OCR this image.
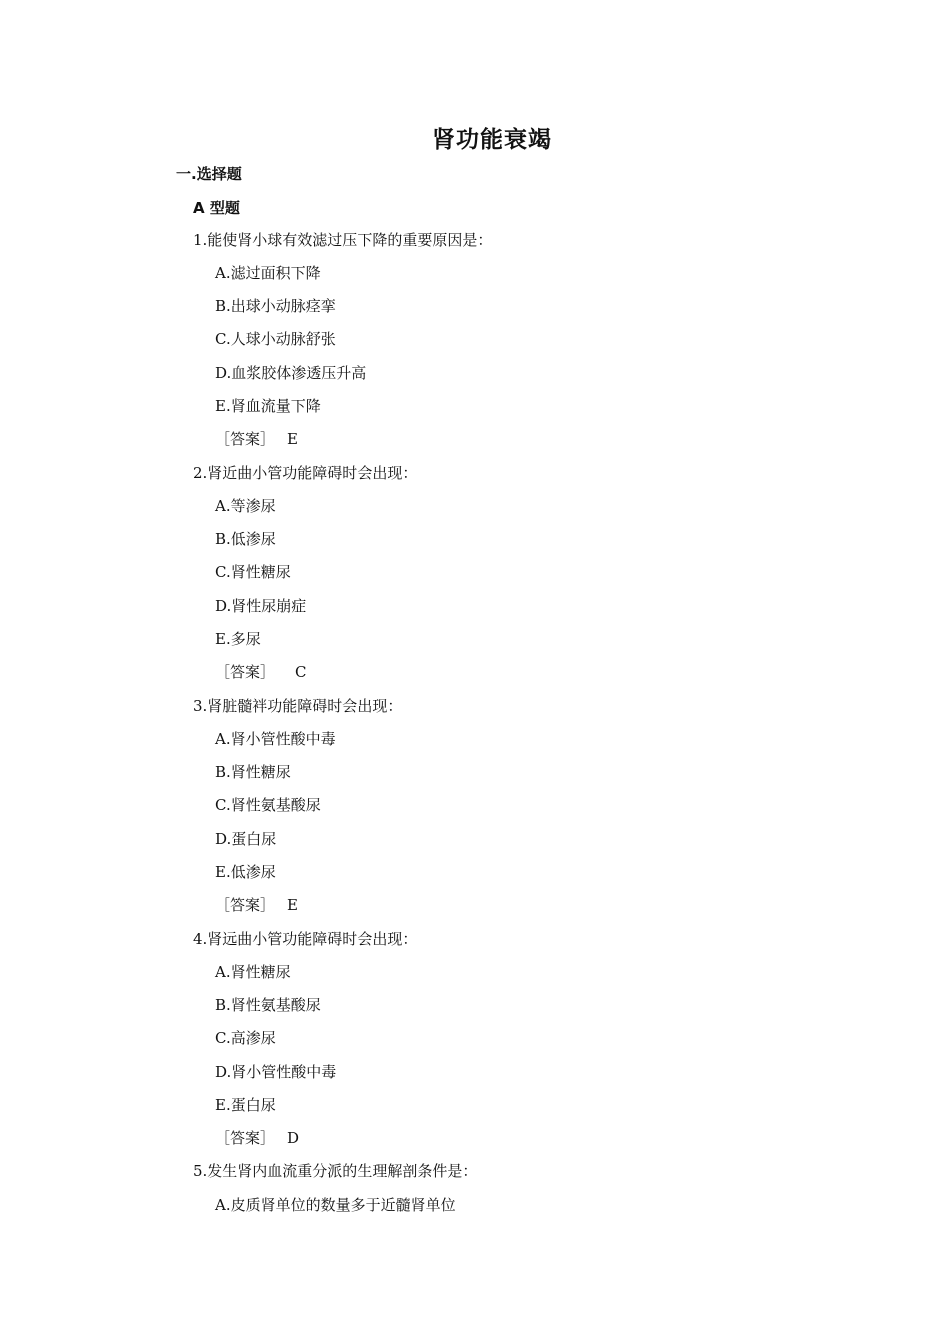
肾功能衰竭
一.选择题
A 型题
1.能使肾小球有效滤过压下降的重要原因是：
A.滤过面积下降
B.出球小动脉痉挛
C.人球小动脉舒张
D.血浆胶体渗透压升高
E.肾血流量下降
［答案］ E
2.肾近曲小管功能障碍时会出现：
A.等渗尿
B.低渗尿
C.肾性糖尿
D.肾性尿崩症
E.多尿
［答案］ C
3.肾脏髓袢功能障碍时会出现：
A.肾小管性酸中毒
B.肾性糖尿
C.肾性氨基酸尿
D.蛋白尿
E.低渗尿
［答案］ E
4.肾远曲小管功能障碍时会出现：
A.肾性糖尿
B.肾性氨基酸尿
C.高渗尿
D.肾小管性酸中毒
E.蛋白尿
［答案］ D
5.发生肾内血流重分派的生理解剖条件是：
A.皮质肾单位的数量多于近髓肾单位
